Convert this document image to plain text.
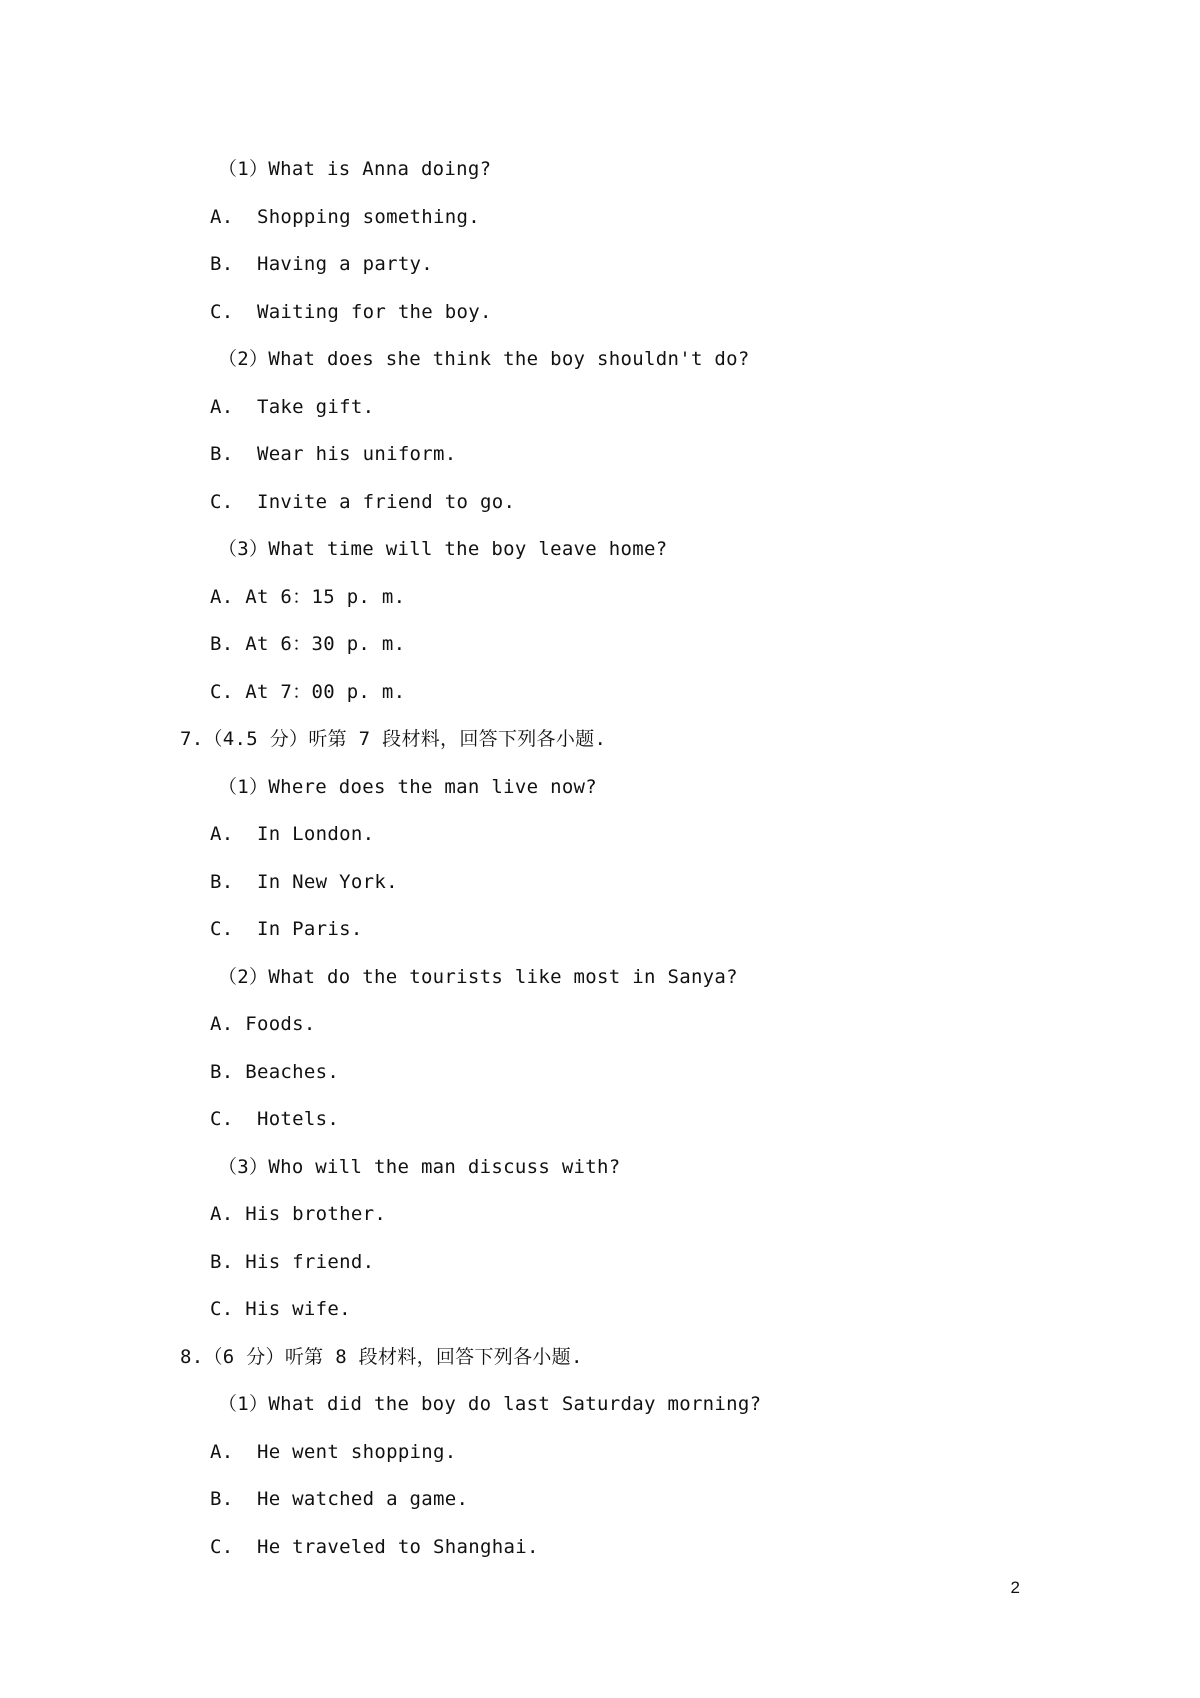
（1）What is Anna doing?
A.  Shopping something.
B.  Having a party.
C.  Waiting for the boy.
（2）What does she think the boy shouldn't do?
A.  Take gift.
B.  Wear his uniform.
C.  Invite a friend to go.
（3）What time will the boy leave home?
A. At 6：15 p. m.
B. At 6：30 p. m.
C. At 7：00 p. m.
7.（4.5 分）听第 7 段材料，回答下列各小题.
（1）Where does the man live now?
A.  In London.
B.  In New York.
C.  In Paris.
（2）What do the tourists like most in Sanya?
A. Foods.
B. Beaches.
C.  Hotels.
（3）Who will the man discuss with?
A. His brother.
B. His friend.
C. His wife.
8.（6 分）听第 8 段材料，回答下列各小题.
（1）What did the boy do last Saturday morning?
A.  He went shopping.
B.  He watched a game.
C.  He traveled to Shanghai.
2
